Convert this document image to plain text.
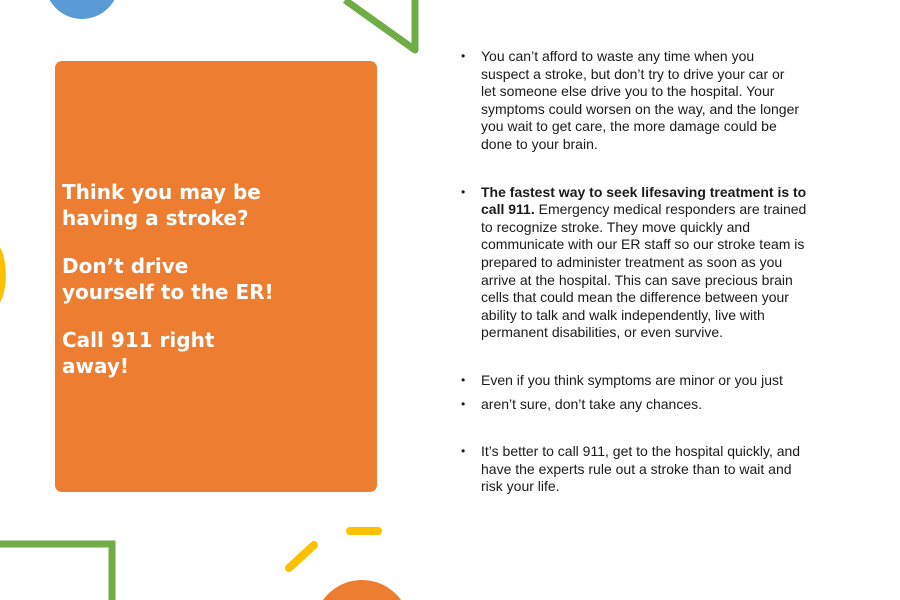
Think you may be
having a stroke?

Don’t drive
yourself to the ER!

Call 911 right
away!

• You can’t afford to waste any time when you
suspect a stroke, but don’t try to drive your car or
let someone else drive you to the hospital. Your
symptoms could worsen on the way, and the longer
you wait to get care, the more damage could be
done to your brain.
• The fastest way to seek lifesaving treatment is to
call 911. Emergency medical responders are trained
to recognize stroke. They move quickly and
communicate with our ER staff so our stroke team is
prepared to administer treatment as soon as you
arrive at the hospital. This can save precious brain
cells that could mean the difference between your
ability to talk and walk independently, live with
permanent disabilities, or even survive.
• Even if you think symptoms are minor or you just
• aren’t sure, don’t take any chances.
• It’s better to call 911, get to the hospital quickly, and
have the experts rule out a stroke than to wait and
risk your life.
